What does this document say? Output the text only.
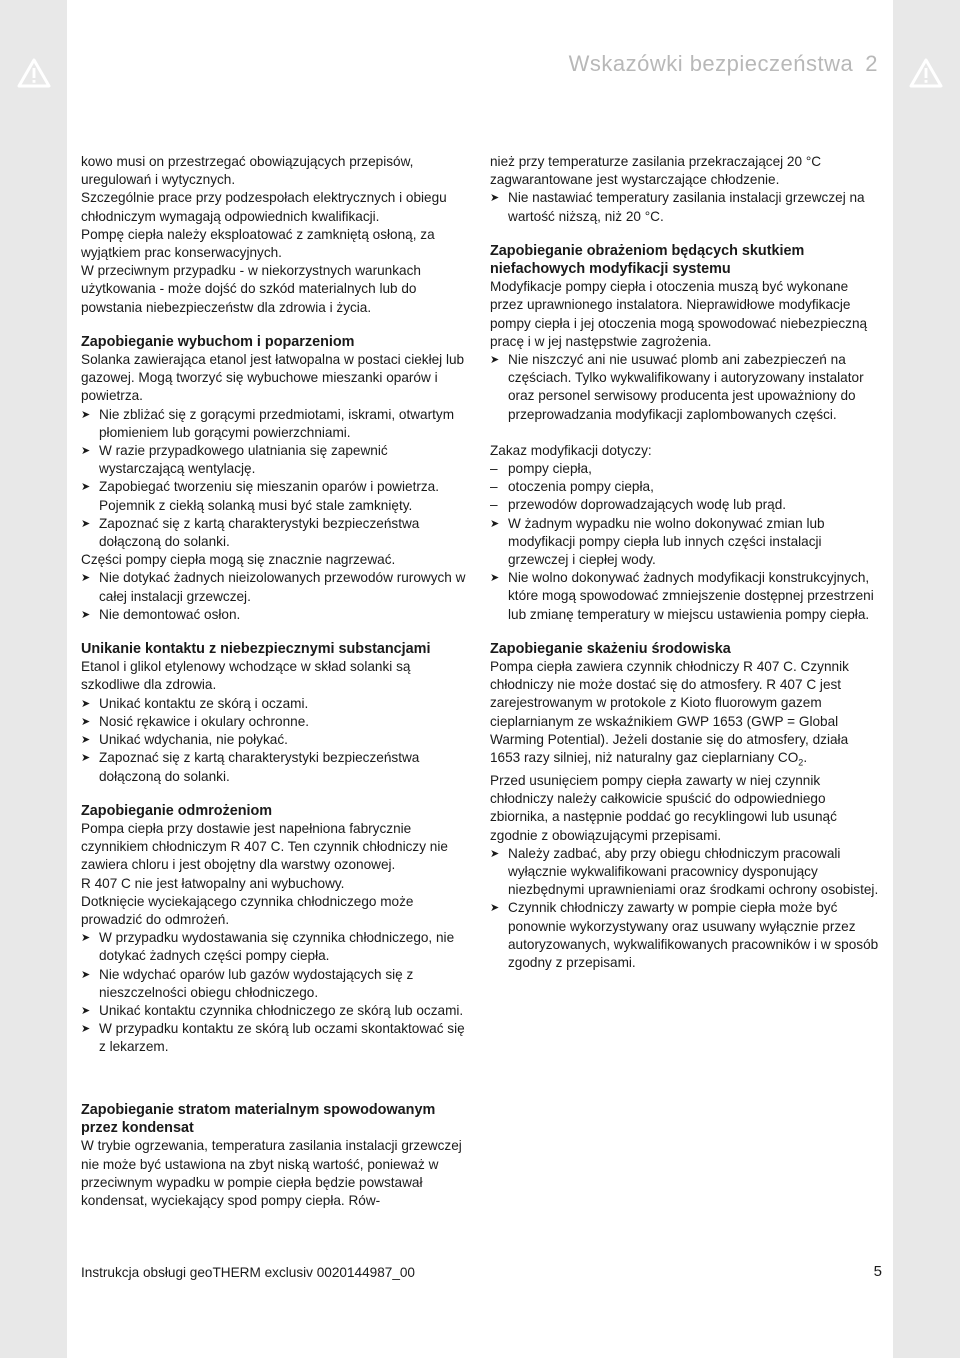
Wskazówki bezpieczeństwa 2

kowo musi on przestrzegać obowiązujących przepisów, uregulowań i wytycznych.

Szczególnie prace przy podzespołach elektrycznych i obiegu chłodniczym wymagają odpowiednich kwalifikacji.

Pompę ciepła należy eksploatować z zamkniętą osłoną, za wyjątkiem prac konserwacyjnych.

W przeciwnym przypadku - w niekorzystnych warunkach użytkowania - może dojść do szkód materialnych lub do powstania niebezpieczeństw dla zdrowia i życia.

Zapobieganie wybuchom i poparzeniom

Solanka zawierająca etanol jest łatwopalna w postaci ciekłej lub gazowej. Mogą tworzyć się wybuchowe mieszanki oparów i powietrza.

➤ Nie zbliżać się z gorącymi przedmiotami, iskrami, otwartym płomieniem lub gorącymi powierzchniami.
➤ W razie przypadkowego ulatniania się zapewnić wystarczającą wentylację.
➤ Zapobiegać tworzeniu się mieszanin oparów i powietrza. Pojemnik z ciekłą solanką musi być stale zamknięty.
➤ Zapoznać się z kartą charakterystyki bezpieczeństwa dołączoną do solanki.

Części pompy ciepła mogą się znacznie nagrzewać.

➤ Nie dotykać żadnych nieizolowanych przewodów rurowych w całej instalacji grzewczej.
➤ Nie demontować osłon.
Unikanie kontaktu z niebezpiecznymi substancjami

Etanol i glikol etylenowy wchodzące w skład solanki są szkodliwe dla zdrowia.

➤ Unikać kontaktu ze skórą i oczami.
➤ Nosić rękawice i okulary ochronne.
➤ Unikać wdychania, nie połykać.
➤ Zapoznać się z kartą charakterystyki bezpieczeństwa dołączoną do solanki.
Zapobieganie odmrożeniom

Pompa ciepła przy dostawie jest napełniona fabrycznie czynnikiem chłodniczym R 407 C. Ten czynnik chłodniczy nie zawiera chloru i jest obojętny dla warstwy ozonowej.

R 407 C nie jest łatwopalny ani wybuchowy.

Dotknięcie wyciekającego czynnika chłodniczego może prowadzić do odmrożeń.

➤ W przypadku wydostawania się czynnika chłodniczego, nie dotykać żadnych części pompy ciepła.
➤ Nie wdychać oparów lub gazów wydostających się z nieszczelności obiegu chłodniczego.
➤ Unikać kontaktu czynnika chłodniczego ze skórą lub oczami.
➤ W przypadku kontaktu ze skórą lub oczami skontaktować się z lekarzem.
Zapobieganie stratom materialnym spowodowanym przez kondensat

W trybie ogrzewania, temperatura zasilania instalacji grzewczej nie może być ustawiona na zbyt niską wartość, ponieważ w przeciwnym wypadku w pompie ciepła będzie powstawał kondensat, wyciekający spod pompy ciepła. Rów-

nież przy temperaturze zasilania przekraczającej 20 °C zagwarantowane jest wystarczające chłodzenie.

➤ Nie nastawiać temperatury zasilania instalacji grzewczej na wartość niższą, niż 20 °C.
Zapobieganie obrażeniom będących skutkiem niefachowych modyfikacji systemu

Modyfikacje pompy ciepła i otoczenia muszą być wykonane przez uprawnionego instalatora. Nieprawidłowe modyfikacje pompy ciepła i jej otoczenia mogą spowodować niebezpieczną pracę i w jej następstwie zagrożenia.

➤ Nie niszczyć ani nie usuwać plomb ani zabezpieczeń na częściach. Tylko wykwalifikowany i autoryzowany instalator oraz personel serwisowy producenta jest upoważniony do przeprowadzania modyfikacji zaplombowanych części.

Zakaz modyfikacji dotyczy:

– pompy ciepła,
– otoczenia pompy ciepła,
– przewodów doprowadzających wodę lub prąd.
➤ W żadnym wypadku nie wolno dokonywać zmian lub modyfikacji pompy ciepła lub innych części instalacji grzewczej i ciepłej wody.
➤ Nie wolno dokonywać żadnych modyfikacji konstrukcyjnych, które mogą spowodować zmniejszenie dostępnej przestrzeni lub zmianę temperatury w miejscu ustawienia pompy ciepła.
Zapobieganie skażeniu środowiska

Pompa ciepła zawiera czynnik chłodniczy R 407 C. Czynnik chłodniczy nie może dostać się do atmosfery. R 407 C jest zarejestrowanym w protokole z Kioto fluorowym gazem cieplarnianym ze wskaźnikiem GWP 1653 (GWP = Global Warming Potential). Jeżeli dostanie się do atmosfery, działa 1653 razy silniej, niż naturalny gaz cieplarniany $CO_2$.

Przed usunięciem pompy ciepła zawarty w niej czynnik chłodniczy należy całkowicie spuścić do odpowiedniego zbiornika, a następnie poddać go recyklingowi lub usunąć zgodnie z obowiązującymi przepisami.

➤ Należy zadbać, aby przy obiegu chłodniczym pracowali wyłącznie wykwalifikowani pracownicy dysponujący niezbędnymi uprawnieniami oraz środkami ochrony osobistej.
➤ Czynnik chłodniczy zawarty w pompie ciepła może być ponownie wykorzystywany oraz usuwany wyłącznie przez autoryzowanych, wykwalifikowanych pracowników i w sposób zgodny z przepisami.
Instrukcja obsługi geoTHERM exclusiv 0020144987_00	5
